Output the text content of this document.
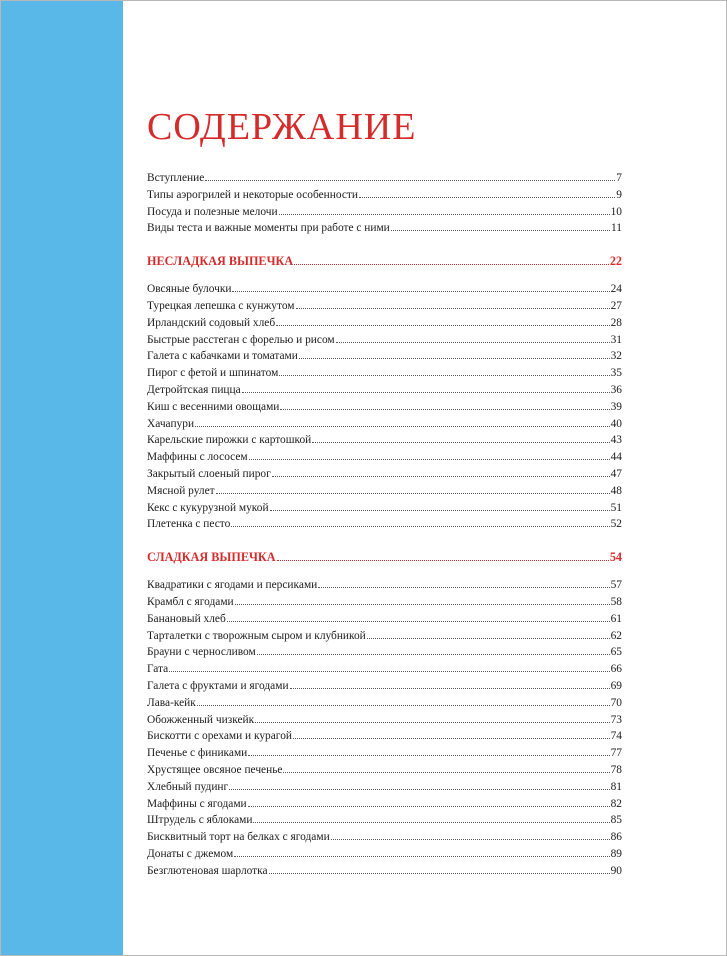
СОДЕРЖАНИЕ
Вступление	7
Типы аэрогрилей и некоторые особенности	9
Посуда и полезные мелочи	10
Виды теста и важные моменты при работе с ними	11
НЕСЛАДКАЯ ВЫПЕЧКА	22
Овсяные булочки	24
Турецкая лепешка с кунжутом	27
Ирландский содовый хлеб	28
Быстрые расстеган с форелью и рисом	31
Галета с кабачками и томатами	32
Пирог с фетой и шпинатом	35
Детройтская пицца	36
Киш с весенними овощами	39
Хачапури	40
Карельские пирожки с картошкой	43
Маффины с лососем	44
Закрытый слоеный пирог	47
Мясной рулет	48
Кекс с кукурузной мукой	51
Плетенка с песто	52
СЛАДКАЯ ВЫПЕЧКА	54
Квадратики с ягодами и персиками	57
Крамбл с ягодами	58
Банановый хлеб	61
Тарталетки с творожным сыром и клубникой	62
Брауни с черносливом	65
Гата	66
Галета с фруктами и ягодами	69
Лава-кейк	70
Обожженный чизкейк	73
Бискотти с орехами и курагой	74
Печенье с финиками	77
Хрустящее овсяное печенье	78
Хлебный пудинг	81
Маффины с ягодами	82
Штрудель с яблоками	85
Бисквитный торт на белках с ягодами	86
Донаты с джемом	89
Безглютеновая шарлотка	90
